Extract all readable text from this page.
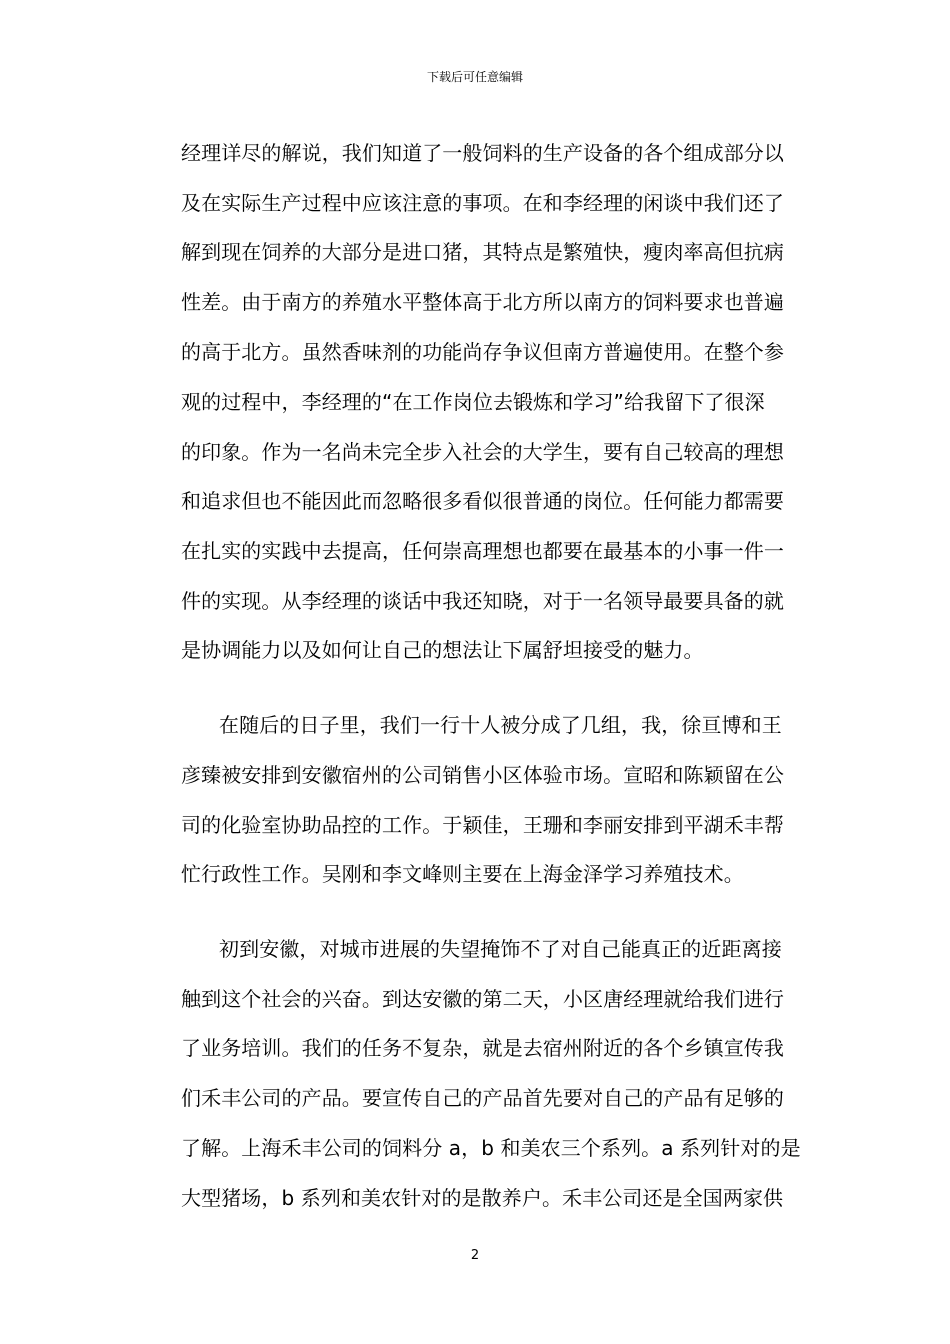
下载后可任意编辑
经理详尽的解说，我们知道了一般饲料的生产设备的各个组成部分以
及在实际生产过程中应该注意的事项。在和李经理的闲谈中我们还了
解到现在饲养的大部分是进口猪，其特点是繁殖快，瘦肉率高但抗病
性差。由于南方的养殖水平整体高于北方所以南方的饲料要求也普遍
的高于北方。虽然香味剂的功能尚存争议但南方普遍使用。在整个参
观的过程中，李经理的“在工作岗位去锻炼和学习”给我留下了很深
的印象。作为一名尚未完全步入社会的大学生，要有自己较高的理想
和追求但也不能因此而忽略很多看似很普通的岗位。任何能力都需要
在扎实的实践中去提高，任何崇高理想也都要在最基本的小事一件一
件的实现。从李经理的谈话中我还知晓，对于一名领导最要具备的就
是协调能力以及如何让自己的想法让下属舒坦接受的魅力。
在随后的日子里，我们一行十人被分成了几组，我，徐亘博和王
彦臻被安排到安徽宿州的公司销售小区体验市场。宣昭和陈颖留在公
司的化验室协助品控的工作。于颖佳，王珊和李丽安排到平湖禾丰帮
忙行政性工作。吴刚和李文峰则主要在上海金泽学习养殖技术。
初到安徽，对城市进展的失望掩饰不了对自己能真正的近距离接
触到这个社会的兴奋。到达安徽的第二天，小区唐经理就给我们进行
了业务培训。我们的任务不复杂，就是去宿州附近的各个乡镇宣传我
们禾丰公司的产品。要宣传自己的产品首先要对自己的产品有足够的
了解。上海禾丰公司的饲料分 a，b 和美农三个系列。a 系列针对的是
大型猪场，b 系列和美农针对的是散养户。禾丰公司还是全国两家供
2
